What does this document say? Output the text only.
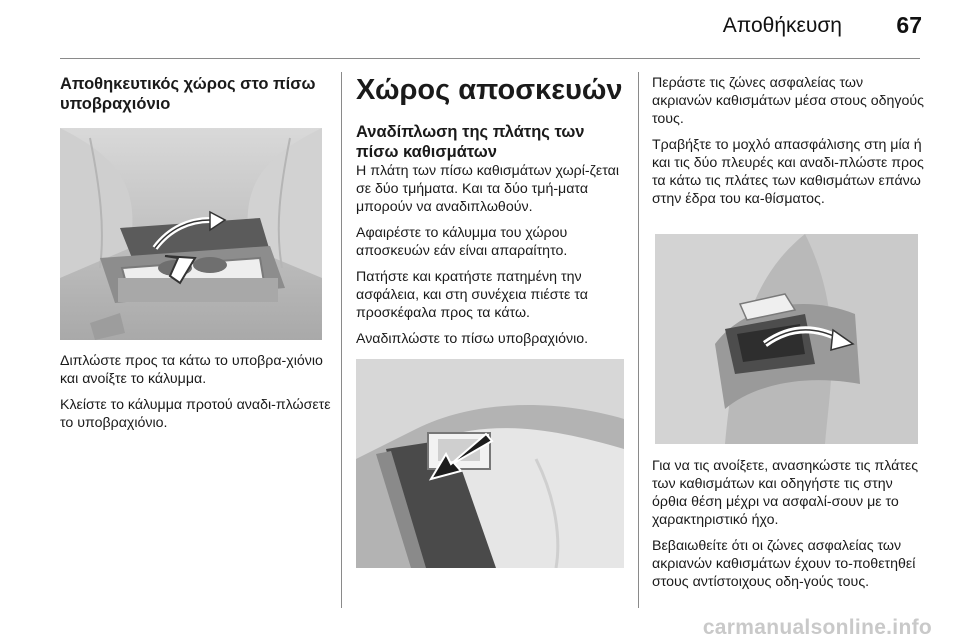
Αποθήκευση 67
Αποθηκευτικός χώρος στο πίσω υποβραχιόνιο

Διπλώστε προς τα κάτω το υποβρα-χιόνιο και ανοίξτε το κάλυμμα.

Κλείστε το κάλυμμα προτού αναδι-πλώσετε το υποβραχιόνιο.

Χώρος αποσκευών
Αναδίπλωση της πλάτης των πίσω καθισμάτων

Η πλάτη των πίσω καθισμάτων χωρί-ζεται σε δύο τμήματα. Και τα δύο τμή-ματα μπορούν να αναδιπλωθούν.

Αφαιρέστε το κάλυμμα του χώρου αποσκευών εάν είναι απαραίτητο.

Πατήστε και κρατήστε πατημένη την ασφάλεια, και στη συνέχεια πιέστε τα προσκέφαλα προς τα κάτω.

Αναδιπλώστε το πίσω υποβραχιόνιο.

Περάστε τις ζώνες ασφαλείας των ακριανών καθισμάτων μέσα στους οδηγούς τους.

Τραβήξτε το μοχλό απασφάλισης στη μία ή και τις δύο πλευρές και αναδι-πλώστε προς τα κάτω τις πλάτες των καθισμάτων επάνω στην έδρα του κα-θίσματος.

Για να τις ανοίξετε, ανασηκώστε τις πλάτες των καθισμάτων και οδηγήστε τις στην όρθια θέση μέχρι να ασφαλί-σουν με το χαρακτηριστικό ήχο.

Βεβαιωθείτε ότι οι ζώνες ασφαλείας των ακριανών καθισμάτων έχουν το-ποθετηθεί στους αντίστοιχους οδη-γούς τους.

carmanualsonline.info
